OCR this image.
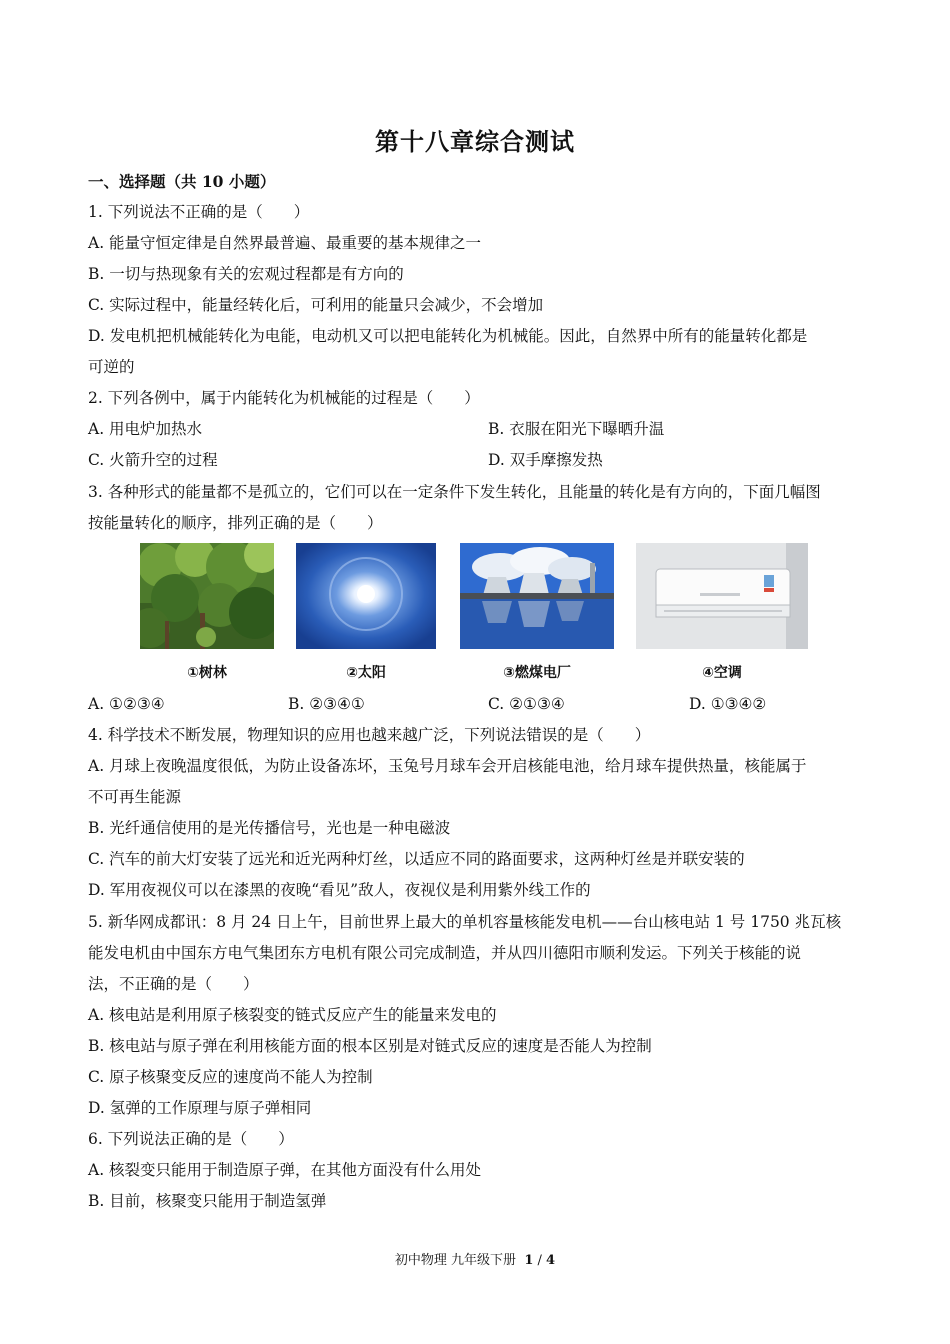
第十八章综合测试
一、选择题（共 10 小题）
1. 下列说法不正确的是（　　）
A. 能量守恒定律是自然界最普遍、最重要的基本规律之一
B. 一切与热现象有关的宏观过程都是有方向的
C. 实际过程中，能量经转化后，可利用的能量只会减少，不会增加
D. 发电机把机械能转化为电能，电动机又可以把电能转化为机械能。因此，自然界中所有的能量转化都是
可逆的
2. 下列各例中，属于内能转化为机械能的过程是（　　）
A. 用电炉加热水	B. 衣服在阳光下曝晒升温
C. 火箭升空的过程	D. 双手摩擦发热
3. 各种形式的能量都不是孤立的，它们可以在一定条件下发生转化，且能量的转化是有方向的，下面几幅图
按能量转化的顺序，排列正确的是（　　）
①树林	②太阳	③燃煤电厂	④空调
A. ①②③④	B. ②③④①	C. ②①③④	D. ①③④②
4. 科学技术不断发展，物理知识的应用也越来越广泛，下列说法错误的是（　　）
A. 月球上夜晚温度很低，为防止设备冻坏，玉兔号月球车会开启核能电池，给月球车提供热量，核能属于
不可再生能源
B. 光纤通信使用的是光传播信号，光也是一种电磁波
C. 汽车的前大灯安装了远光和近光两种灯丝，以适应不同的路面要求，这两种灯丝是并联安装的
D. 军用夜视仪可以在漆黑的夜晚“看见”敌人，夜视仪是利用紫外线工作的
5. 新华网成都讯：8 月 24 日上午，目前世界上最大的单机容量核能发电机——台山核电站 1 号 1750 兆瓦核
能发电机由中国东方电气集团东方电机有限公司完成制造，并从四川德阳市顺利发运。下列关于核能的说
法，不正确的是（　　）
A. 核电站是利用原子核裂变的链式反应产生的能量来发电的
B. 核电站与原子弹在利用核能方面的根本区别是对链式反应的速度是否能人为控制
C. 原子核聚变反应的速度尚不能人为控制
D. 氢弹的工作原理与原子弹相同
6. 下列说法正确的是（　　）
A. 核裂变只能用于制造原子弹，在其他方面没有什么用处
B. 目前，核聚变只能用于制造氢弹
初中物理 九年级下册 1 / 4
